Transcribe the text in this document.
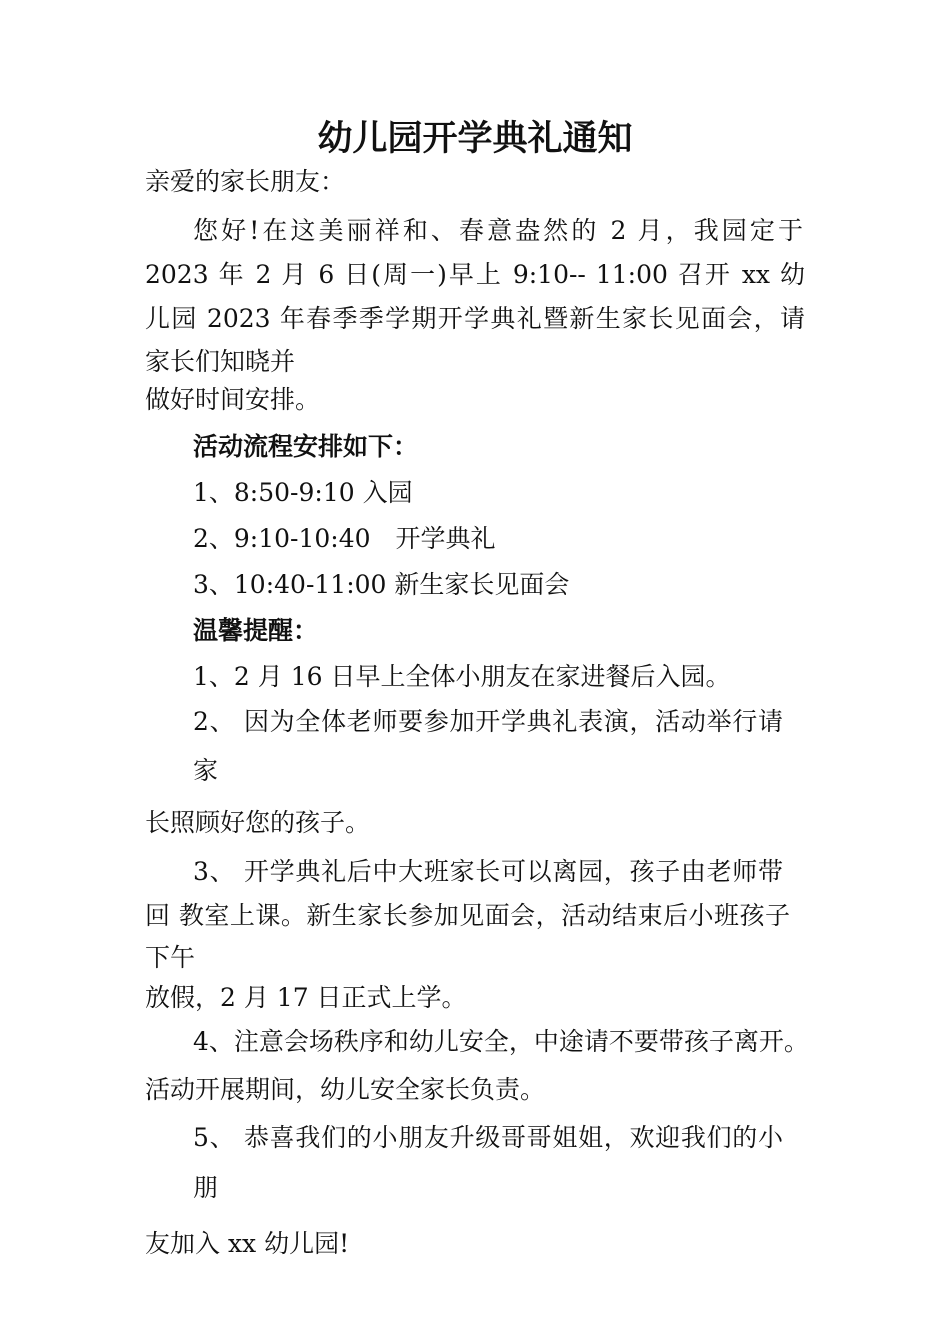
幼儿园开学典礼通知
亲爱的家长朋友：
您好!在这美丽祥和、春意盎然的 2 月，我园定于
2023 年 2 月 6 日(周一)早上 9:10-- 11:00 召开 xx 幼
儿园 2023 年春季季学期开学典礼暨新生家长见面会，请
家长们知晓并
做好时间安排。
活动流程安排如下：
1、8:50-9:10 入园
2、9:10-10:40　开学典礼
3、10:40-11:00 新生家长见面会
温馨提醒：
1、2 月 16 日早上全体小朋友在家进餐后入园。
2、 因为全体老师要参加开学典礼表演，活动举行请
家
长照顾好您的孩子。
3、 开学典礼后中大班家长可以离园，孩子由老师带
回 教室上课。新生家长参加见面会，活动结束后小班孩子
下午
放假，2 月 17 日正式上学。
4、注意会场秩序和幼儿安全，中途请不要带孩子离开。
活动开展期间，幼儿安全家长负责。
5、 恭喜我们的小朋友升级哥哥姐姐，欢迎我们的小
朋
友加入 xx 幼儿园!
